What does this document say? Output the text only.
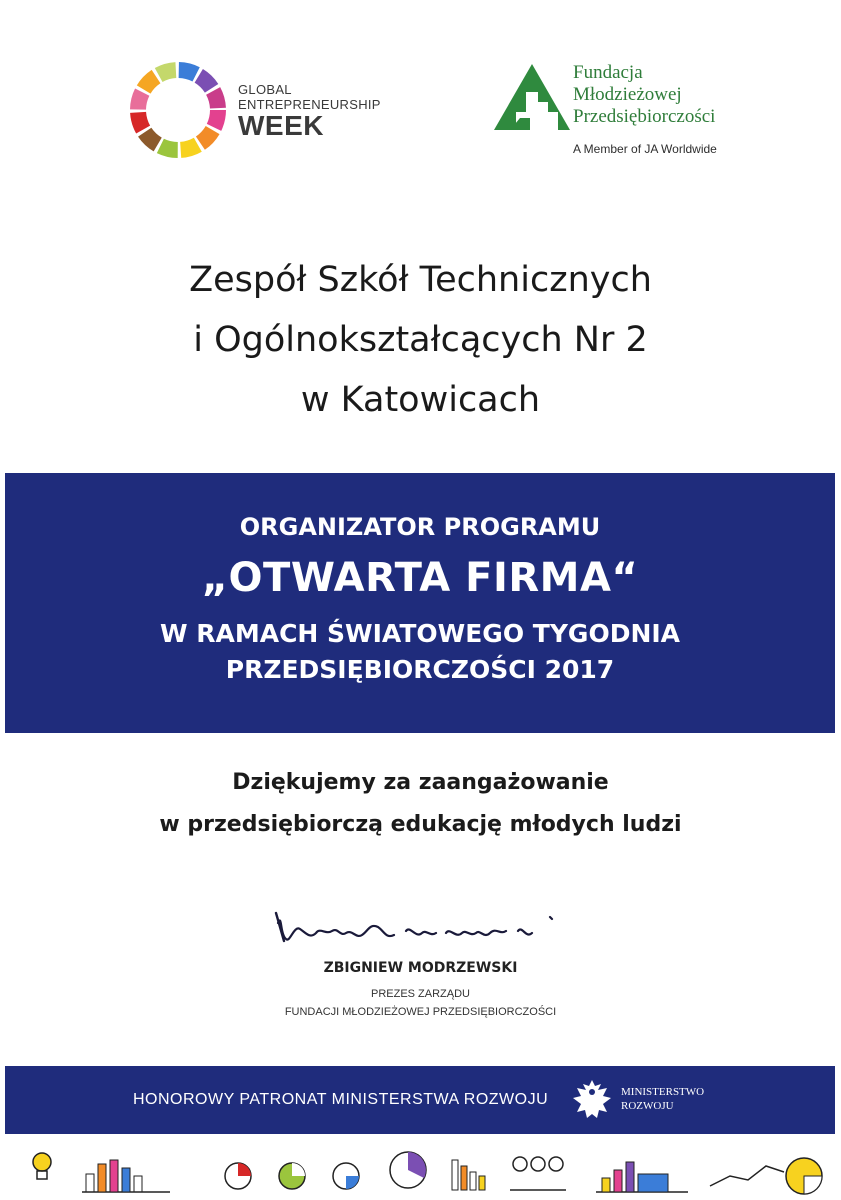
GLOBAL
ENTREPRENEURSHIP
WEEK
Fundacja
Młodzieżowej
Przedsiębiorczości
A Member of JA Worldwide
Zespół Szkół Technicznych
i Ogólnokształcących Nr 2
w Katowicach
ORGANIZATOR PROGRAMU
„OTWARTA FIRMA“
W RAMACH ŚWIATOWEGO TYGODNIA
PRZEDSIĘBIORCZOŚCI 2017
Dziękujemy za zaangażowanie
w przedsiębiorczą edukację młodych ludzi
ZBIGNIEW MODRZEWSKI
PREZES ZARZĄDU
FUNDACJI MŁODZIEŻOWEJ PRZEDSIĘBIORCZOŚCI
HONOROWY PATRONAT MINISTERSTWA ROZWOJU	MINISTERSTWO
ROZWOJU
